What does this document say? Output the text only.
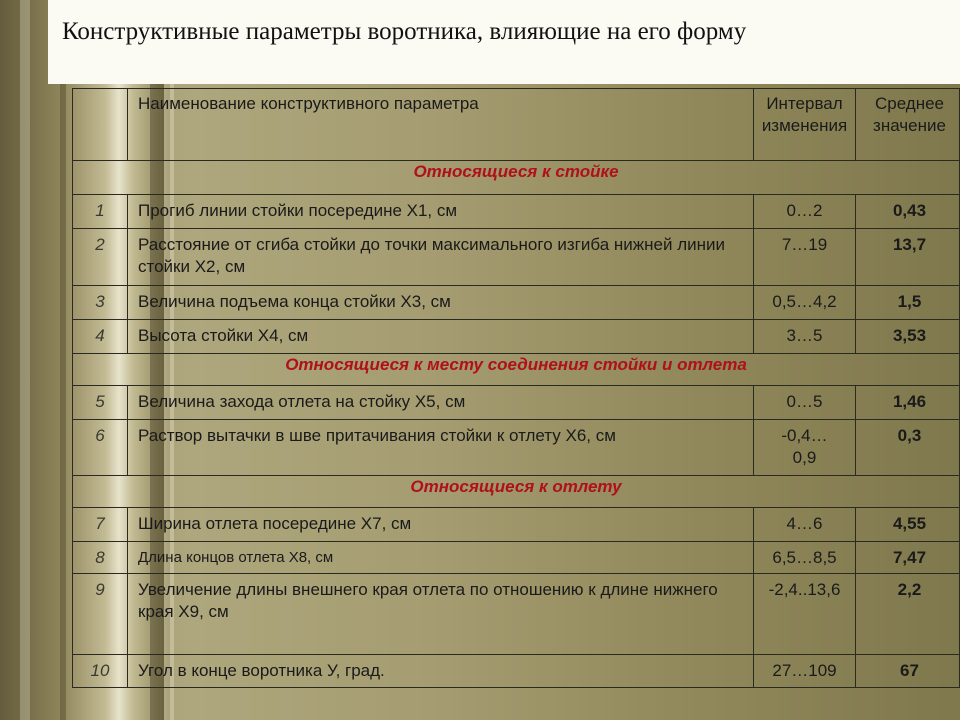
Конструктивные параметры воротника, влияющие на его форму
	Наименование конструктивного параметра	Интервал изменения	Среднее значение
Относящиеся к стойке			
1	Прогиб линии стойки посередине Х1, см	0…2	0,43
2	Расстояние от сгиба стойки до точки максимального изгиба нижней линии стойки Х2, см	7…19	13,7
3	Величина подъема конца стойки Х3, см	0,5…4,2	1,5
4	Высота стойки Х4, см	3…5	3,53
Относящиеся к месту соединения стойки и отлета			
5	Величина захода отлета на стойку Х5, см	0…5	1,46
6	Раствор вытачки в шве притачивания стойки к отлету Х6, см	-0,4…0,9	0,3
Относящиеся к отлету			
7	Ширина отлета посередине Х7, см	4…6	4,55
8	Длина концов отлета Х8, см	6,5…8,5	7,47
9	Увеличение длины внешнего края отлета по отношению к длине нижнего края Х9, см	-2,4..13,6	2,2
10	Угол в конце воротника У, град.	27…109	67
